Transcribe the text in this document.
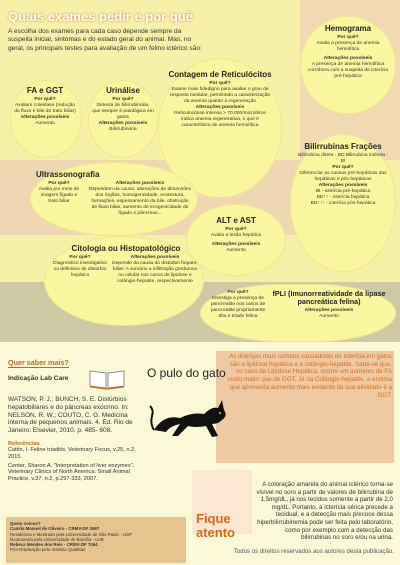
Quais exames pedir e por quê
A escolha dos exames para cada caso depende sempre da suspeita inicial, sintomas e do estado geral do animal. Mas, no geral, os principais testes para avaliação de um felino ictérico são:
FA e GGT
Por quê?
Avaliam colestase (redução do fluxo e bile do trato biliar)
Alterações possíveis
Aumento
Urinálise
Por quê?
Detecta de bilirrubinúria, que sempre é patológica em gatos
Alterações possíveis
Bilirrubinúria
Contagem de Reticulócitos
Por quê?
Exame mais fidedigno para avaliar o grau de resposta medular, permitindo a caracterização da anemia quanto à regeneração
Alterações possíveis
Reticulocitose intensa > 70.000/microlitros indica anemia regenerativa, o que é característica de anemia hemolítica
Hemograma
Por quê?
Avalia a presença de anemia hemolítica
Alterações possíveis
A presença de anemia hemolítica corrobora com a suspeita de icterícia pré-hepática
Bilirrubinas Frações
Bilirrubina direta - BD Bilirrubina indireta - BI
Por quê?
Diferenciar as causas pré-hepáticas das hepáticas e pós-hepáticas
Alterações possíveis
BI - icterícia pré-hepática
BD↑↑ - icterícia hepática
BD↑↑↑ - icterícia pós-hepática
Ultrassonografia
Por quê?
Avalia por meio de imagem fígado e trato biliar
Alterações possíveis
Dependem da causa: alterações de dimensões dos órgãos, homogeneidade, ecotextura, formações, espessamento da bile, obstrução de fluxo biliar, aumento de ecogenicidade de fígado e pâncreas...
ALT e AST
Por quê?
Avalia a lesão hepática
Alterações possíveis
Aumento
Citologia ou Histopatológico
Por quê?
Diagnóstico investigativo ou definitivo de distúrbio hepático
Alterações possíveis
Depende da causa do distúrbio hepato-biliar: A sumário a infiltração gordurosa ou celular nos casos de lipidose e colângio-hepatite, respectivamente
Por quê?
Investiga a presença de pancreatite nos casos de pancreatite propriamente dita e tríade felina
fPLI (Imunorreatividade da lipase pancreática felina)
Alterações possíveis
Aumento
Quer saber mais?
Indicação Lab Care
WATSON, P. J.; BUNCH, S. E. Distúrbios hepatobiliares e do pâncreas exócrino. In: NELSON, R. W.; COUTO, C. G. Medicina interna de pequenos animais. 4. Ed. Rio de Janeiro: Elsevier, 2010. p. 485- 608.
Referências
Cattin, I. Feline triaditis. Veterinary Focus, v.25, n.2, 2015.
Center, Sharon A. "Interpretation of liver enzymes". Veterinary Clinics of North America: Small Animal Practice, v.37, n.2, p.297-333, 2007.
O pulo do gato
As doenças mais comuns causadoras de icterícia em gatos são a lipidose hepática e a colângio-hepatite. Sabe-se que, no caso da Lipidose Hepática, ocorre um aumento de FA muito maior que de GGT. Já na Colângio-hepatite, a enzima que apresenta aumento mais evidente da sua atividade é a GGT.
Fique atento
A coloração amarela do animal ictérico torna-se visível no soro a partir de valores de bilirrubina de 1,5mg/dL, já nos tecidos somente a partir de 2,0 mg/dL. Portanto, a icterícia sérica precede a tecidual, e a detecção mais precoce dessa hiperbilirrubinemia pode ser feita pelo laboratório, como por exemplo com a detecção das bilirrubinas no soro e/ou na urina.
Quem somos?
Camila Manoel de Oliveira - CRMV-DF 2687
Residência e Mestrado pela Universidade de São Paulo - USP
Doutoranda pela Universidade de Brasília - UnB
Rebeca Mendes dos Reis - CRMV-DF 7064
Pós-Graduação pelo Instituto Qualittas	Todos os direitos reservados aos autores desta publicação.
